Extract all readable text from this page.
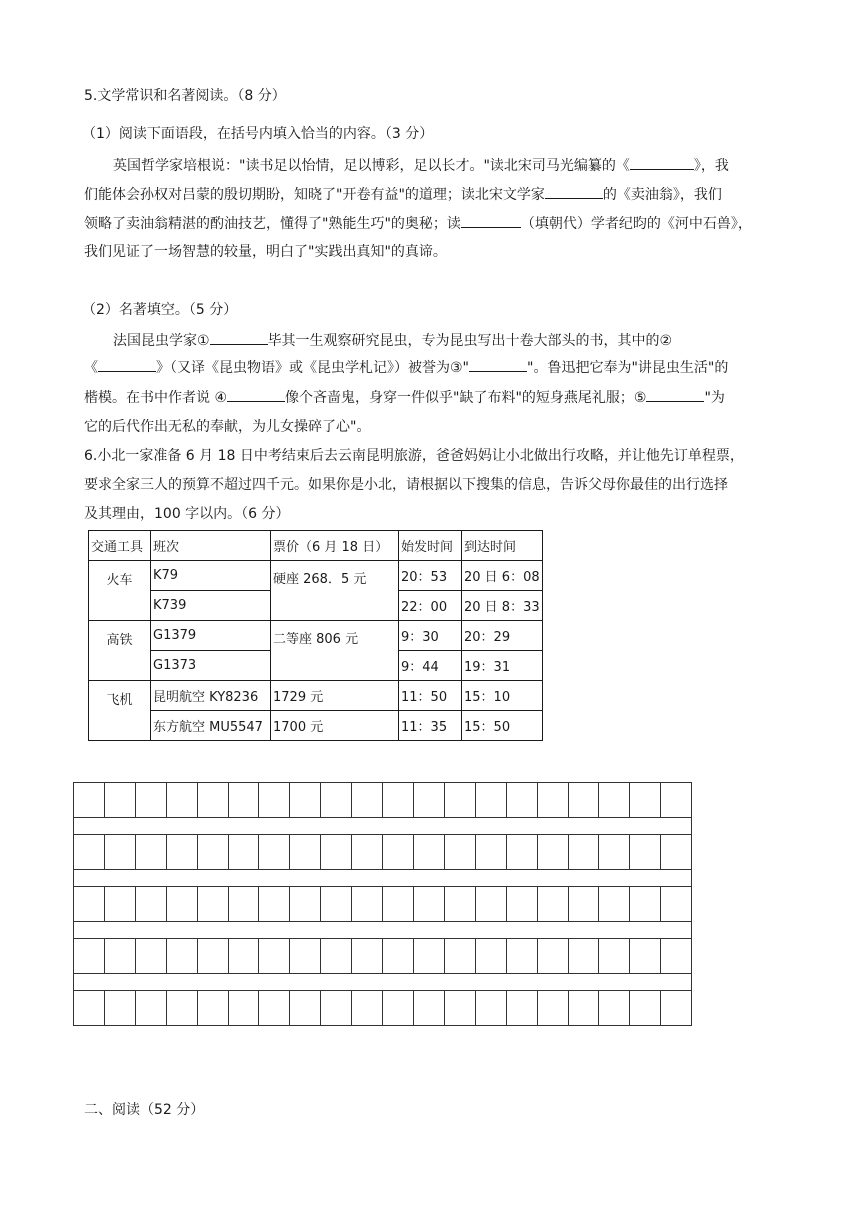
5.文学常识和名著阅读。（8 分）
（1）阅读下面语段，在括号内填入恰当的内容。（3 分）
英国哲学家培根说："读书足以怡情，足以博彩，足以长才。"读北宋司马光编纂的《	》，我
们能体会孙权对吕蒙的殷切期盼，知晓了"开卷有益"的道理；读北宋文学家	的《卖油翁》，我们
领略了卖油翁精湛的酌油技艺，懂得了"熟能生巧"的奥秘；读	（填朝代）学者纪昀的《河中石兽》，
我们见证了一场智慧的较量，明白了"实践出真知"的真谛。
（2）名著填空。（5 分）
法国昆虫学家①	毕其一生观察研究昆虫，专为昆虫写出十卷大部头的书，其中的②
《	》（又译《昆虫物语》或《昆虫学札记》）被誉为③"	"。鲁迅把它奉为"讲昆虫生活"的
楷模。在书中作者说 ④	像个吝啬鬼，身穿一件似乎"缺了布料"的短身燕尾礼服；⑤	"为
它的后代作出无私的奉献，为儿女操碎了心"。
6.小北一家准备 6 月 18 日中考结束后去云南昆明旅游，爸爸妈妈让小北做出行攻略，并让他先订单程票，
要求全家三人的预算不超过四千元。如果你是小北，请根据以下搜集的信息，告诉父母你最佳的出行选择
及其理由，100 字以内。（6 分）
交通工具	班次	票价（6 月 18 日）	始发时间	到达时间
火车	K79	硬座 268．5 元	20：53	20 日 6：08
	K739		22：00	20 日 8：33
高铁	G1379	二等座 806 元	9：30	20：29
	G1373		9：44	19：31
飞机	昆明航空 KY8236	1729 元	11：50	15：10
	东方航空 MU5547	1700 元	11：35	15：50
二、阅读（52 分）
